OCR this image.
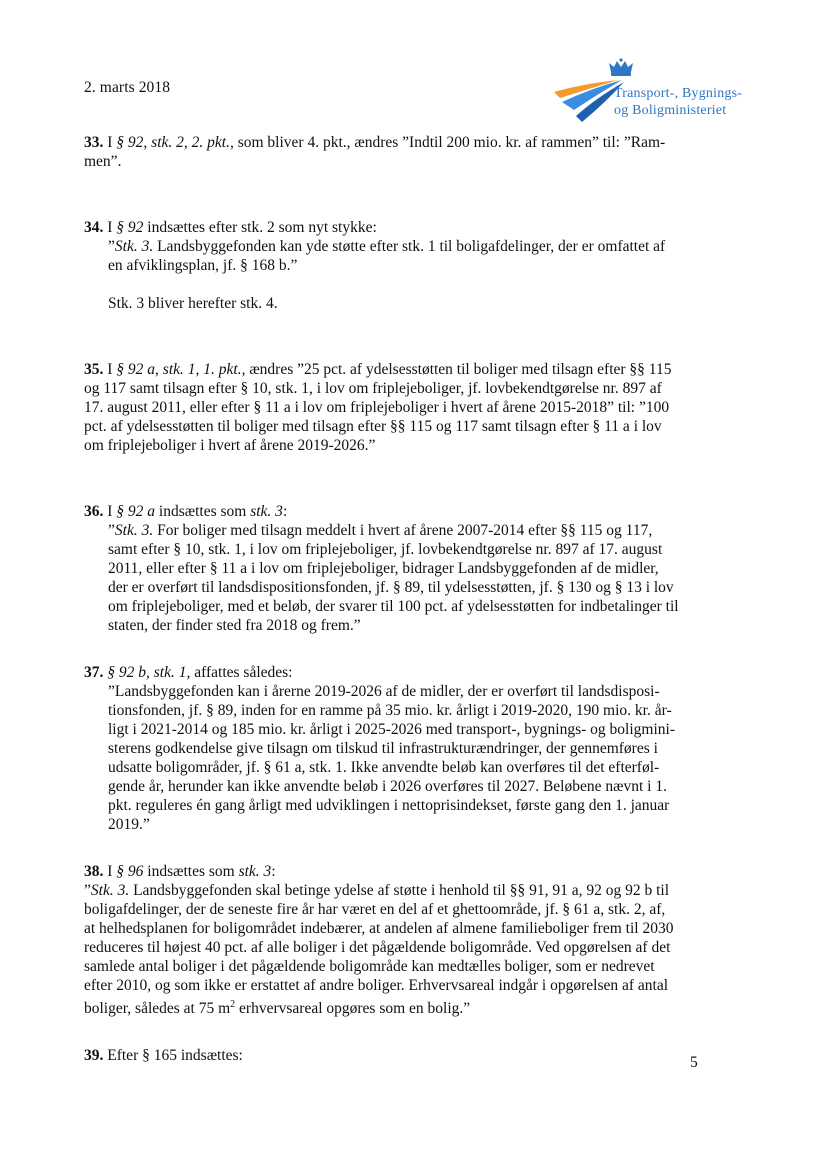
2. marts 2018	Transport-, Bygnings-
og Boligministeriet

33. I § 92, stk. 2, 2. pkt., som bliver 4. pkt., ændres ”Indtil 200 mio. kr. af rammen” til: ”Ram-

men”.

34. I § 92 indsættes efter stk. 2 som nyt stykke:

”Stk. 3. Landsbyggefonden kan yde støtte efter stk. 1 til boligafdelinger, der er omfattet af

en afviklingsplan, jf. § 168 b.”

Stk. 3 bliver herefter stk. 4.

35. I § 92 a, stk. 1, 1. pkt., ændres ”25 pct. af ydelsesstøtten til boliger med tilsagn efter §§ 115

og 117 samt tilsagn efter § 10, stk. 1, i lov om friplejeboliger, jf. lovbekendtgørelse nr. 897 af

17. august 2011, eller efter § 11 a i lov om friplejeboliger i hvert af årene 2015-2018” til: ”100

pct. af ydelsesstøtten til boliger med tilsagn efter §§ 115 og 117 samt tilsagn efter § 11 a i lov

om friplejeboliger i hvert af årene 2019-2026.”

36. I § 92 a indsættes som stk. 3:

”Stk. 3. For boliger med tilsagn meddelt i hvert af årene 2007-2014 efter §§ 115 og 117,

samt efter § 10, stk. 1, i lov om friplejeboliger, jf. lovbekendtgørelse nr. 897 af 17. august

2011, eller efter § 11 a i lov om friplejeboliger, bidrager Landsbyggefonden af de midler,

der er overført til landsdispositionsfonden, jf. § 89, til ydelsesstøtten, jf. § 130 og § 13 i lov

om friplejeboliger, med et beløb, der svarer til 100 pct. af ydelsesstøtten for indbetalinger til

staten, der finder sted fra 2018 og frem.”

37. § 92 b, stk. 1, affattes således:

”Landsbyggefonden kan i årerne 2019-2026 af de midler, der er overført til landsdisposi-

tionsfonden, jf. § 89, inden for en ramme på 35 mio. kr. årligt i 2019-2020, 190 mio. kr. år-

ligt i 2021-2014 og 185 mio. kr. årligt i 2025-2026 med transport-, bygnings- og boligmini-

sterens godkendelse give tilsagn om tilskud til infrastrukturændringer, der gennemføres i

udsatte boligområder, jf. § 61 a, stk. 1. Ikke anvendte beløb kan overføres til det efterføl-

gende år, herunder kan ikke anvendte beløb i 2026 overføres til 2027. Beløbene nævnt i 1.

pkt. reguleres én gang årligt med udviklingen i nettoprisindekset, første gang den 1. januar

2019.”

38. I § 96 indsættes som stk. 3:

”Stk. 3. Landsbyggefonden skal betinge ydelse af støtte i henhold til §§ 91, 91 a, 92 og 92 b til

boligafdelinger, der de seneste fire år har været en del af et ghettoområde, jf. § 61 a, stk. 2, af,

at helhedsplanen for boligområdet indebærer, at andelen af almene familieboliger frem til 2030

reduceres til højest 40 pct. af alle boliger i det pågældende boligområde. Ved opgørelsen af det

samlede antal boliger i det pågældende boligområde kan medtælles boliger, som er nedrevet

efter 2010, og som ikke er erstattet af andre boliger. Erhvervsareal indgår i opgørelsen af antal

boliger, således at 75 $m^2$ erhvervsareal opgøres som en bolig.”

39. Efter § 165 indsættes:	5
